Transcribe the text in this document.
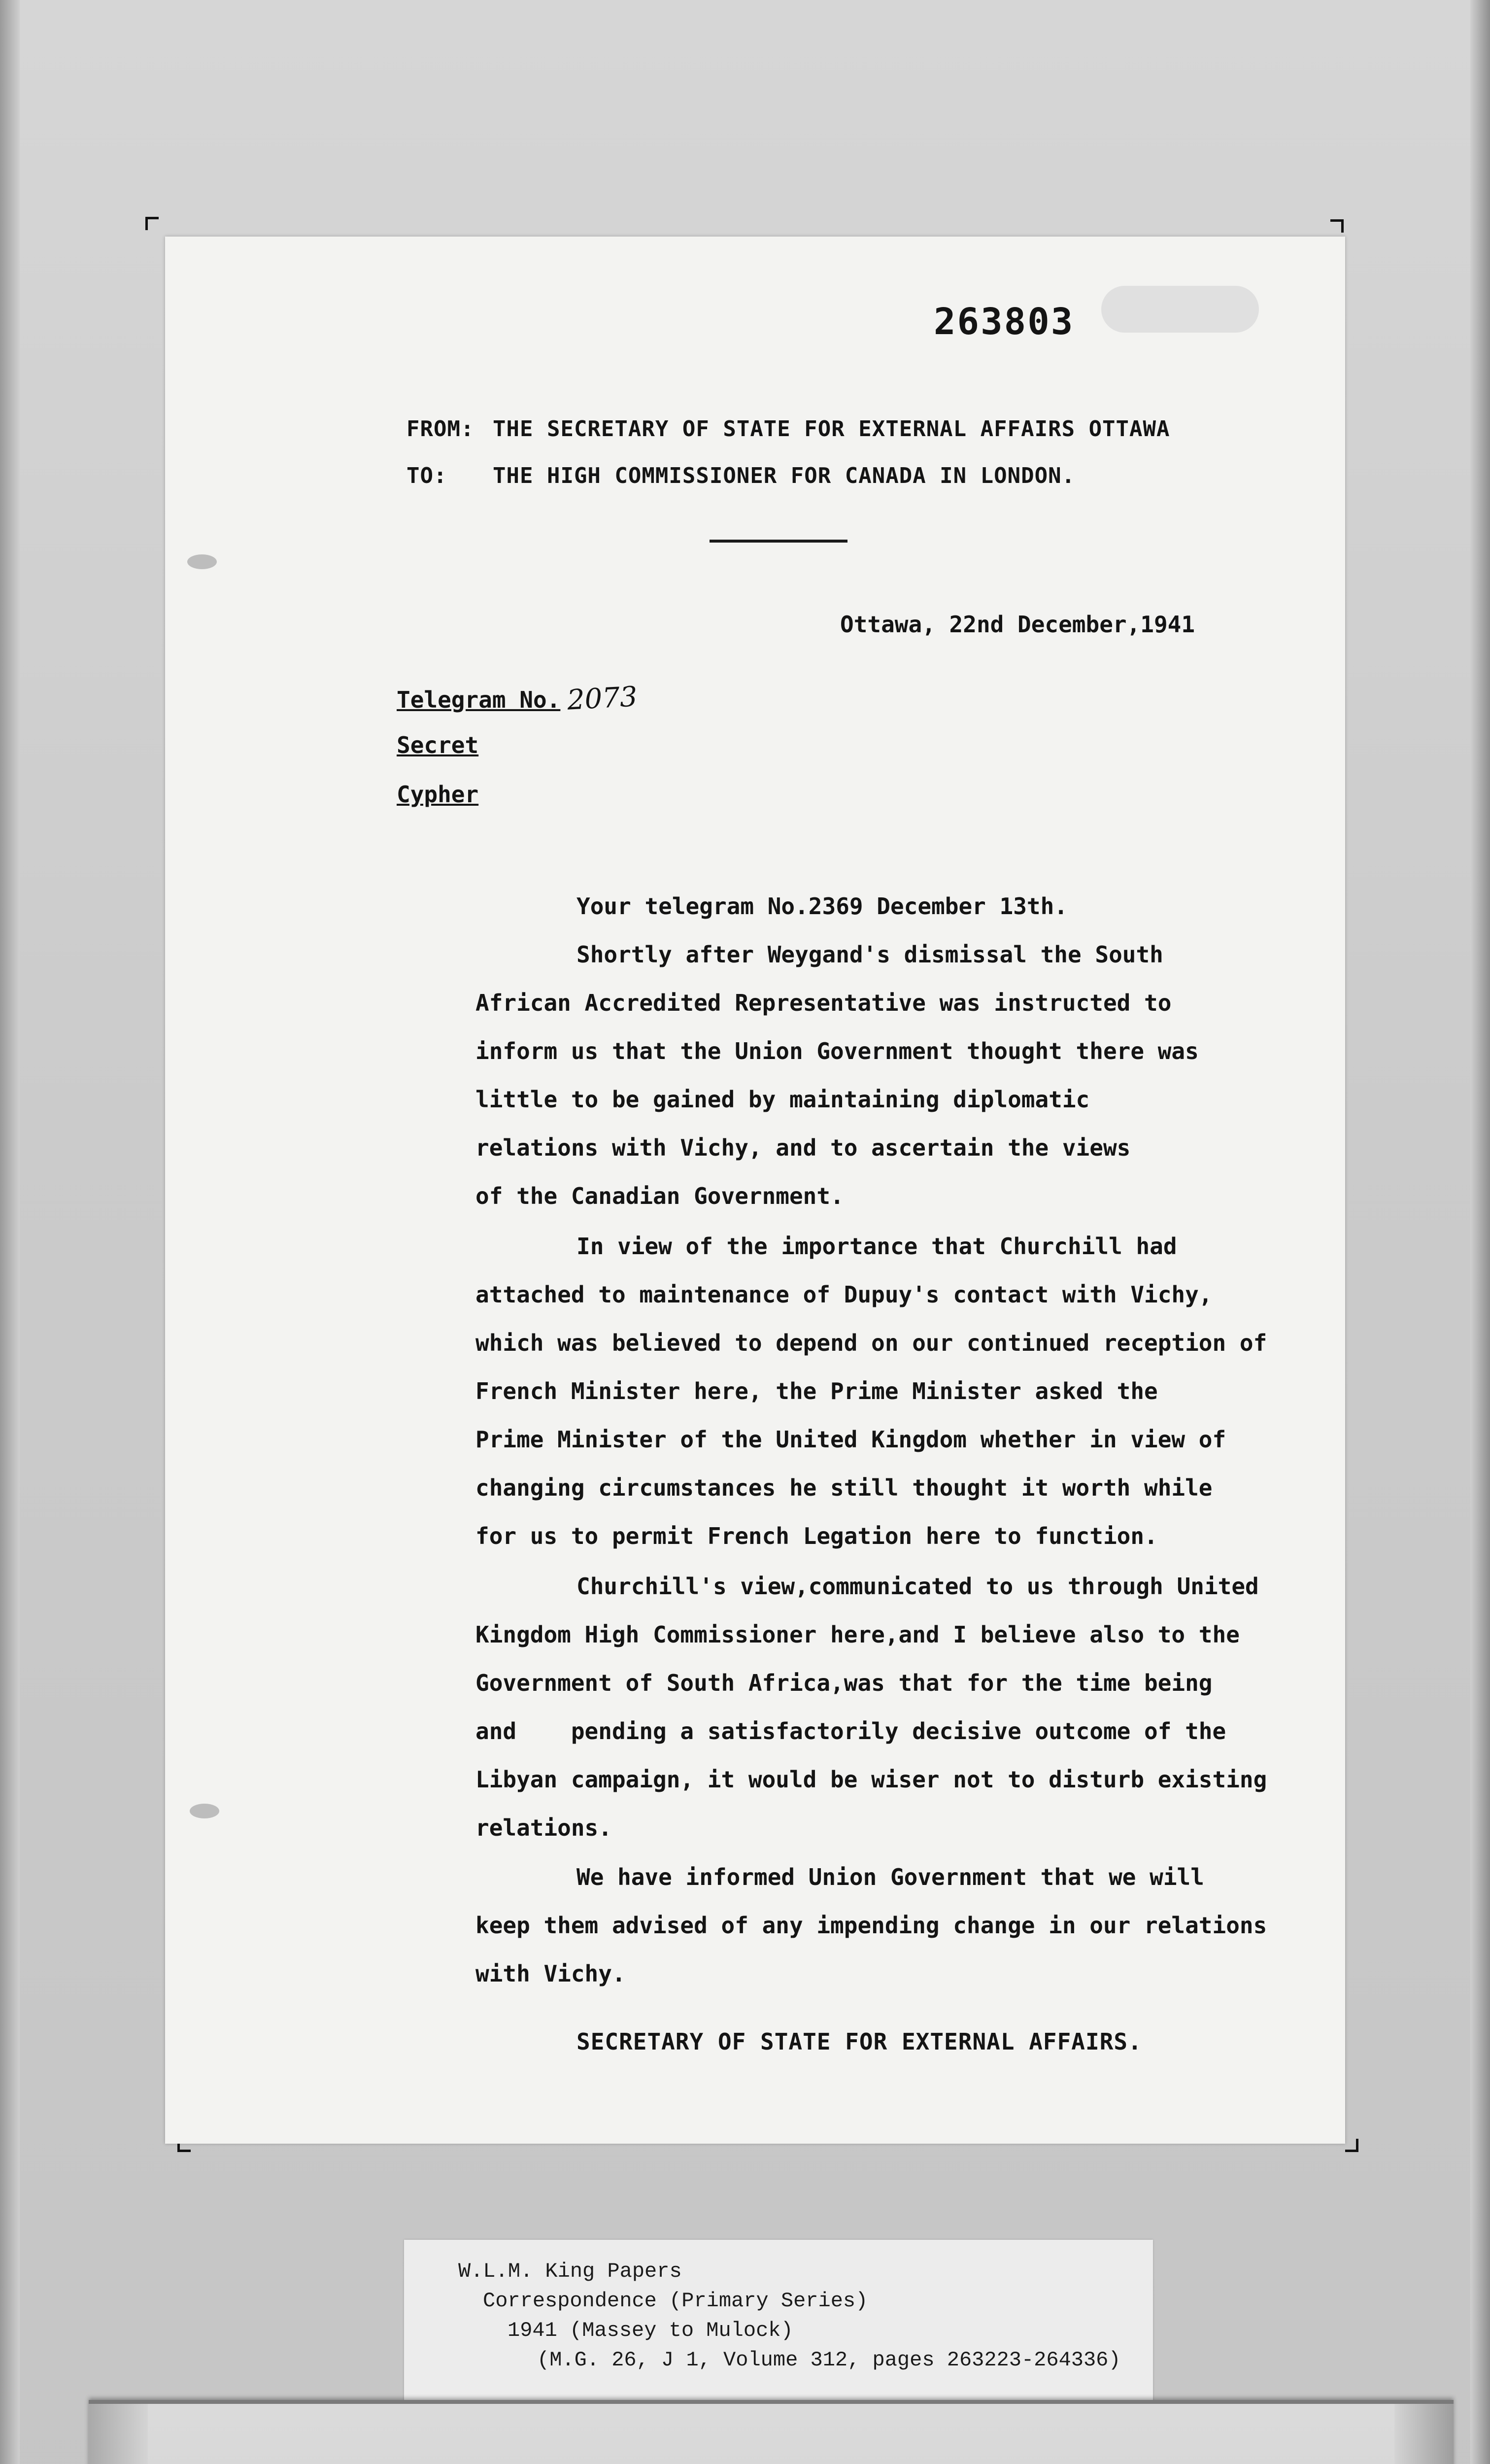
263803
FROM: THE SECRETARY OF STATE FOR EXTERNAL AFFAIRS OTTAWA
TO: THE HIGH COMMISSIONER FOR CANADA IN LONDON.
Ottawa, 22nd December,1941
Telegram No. 2073
Secret
Cypher
Your telegram No.2369 December 13th.
Shortly after Weygand's dismissal the South
African Accredited Representative was instructed to
inform us that the Union Government thought there was
little to be gained by maintaining diplomatic
relations with Vichy, and to ascertain the views
of the Canadian Government.
In view of the importance that Churchill had
attached to maintenance of Dupuy's contact with Vichy,
which was believed to depend on our continued reception of
French Minister here, the Prime Minister asked the
Prime Minister of the United Kingdom whether in view of
changing circumstances he still thought it worth while
for us to permit French Legation here to function.
Churchill's view,communicated to us through United
Kingdom High Commissioner here,and I believe also to the
Government of South Africa,was that for the time being
and    pending a satisfactorily decisive outcome of the
Libyan campaign, it would be wiser not to disturb existing
relations.
We have informed Union Government that we will
keep them advised of any impending change in our relations
with Vichy.
SECRETARY OF STATE FOR EXTERNAL AFFAIRS.
W.L.M. King Papers
Correspondence (Primary Series)
1941 (Massey to Mulock)
(M.G. 26, J 1, Volume 312, pages 263223-264336)
